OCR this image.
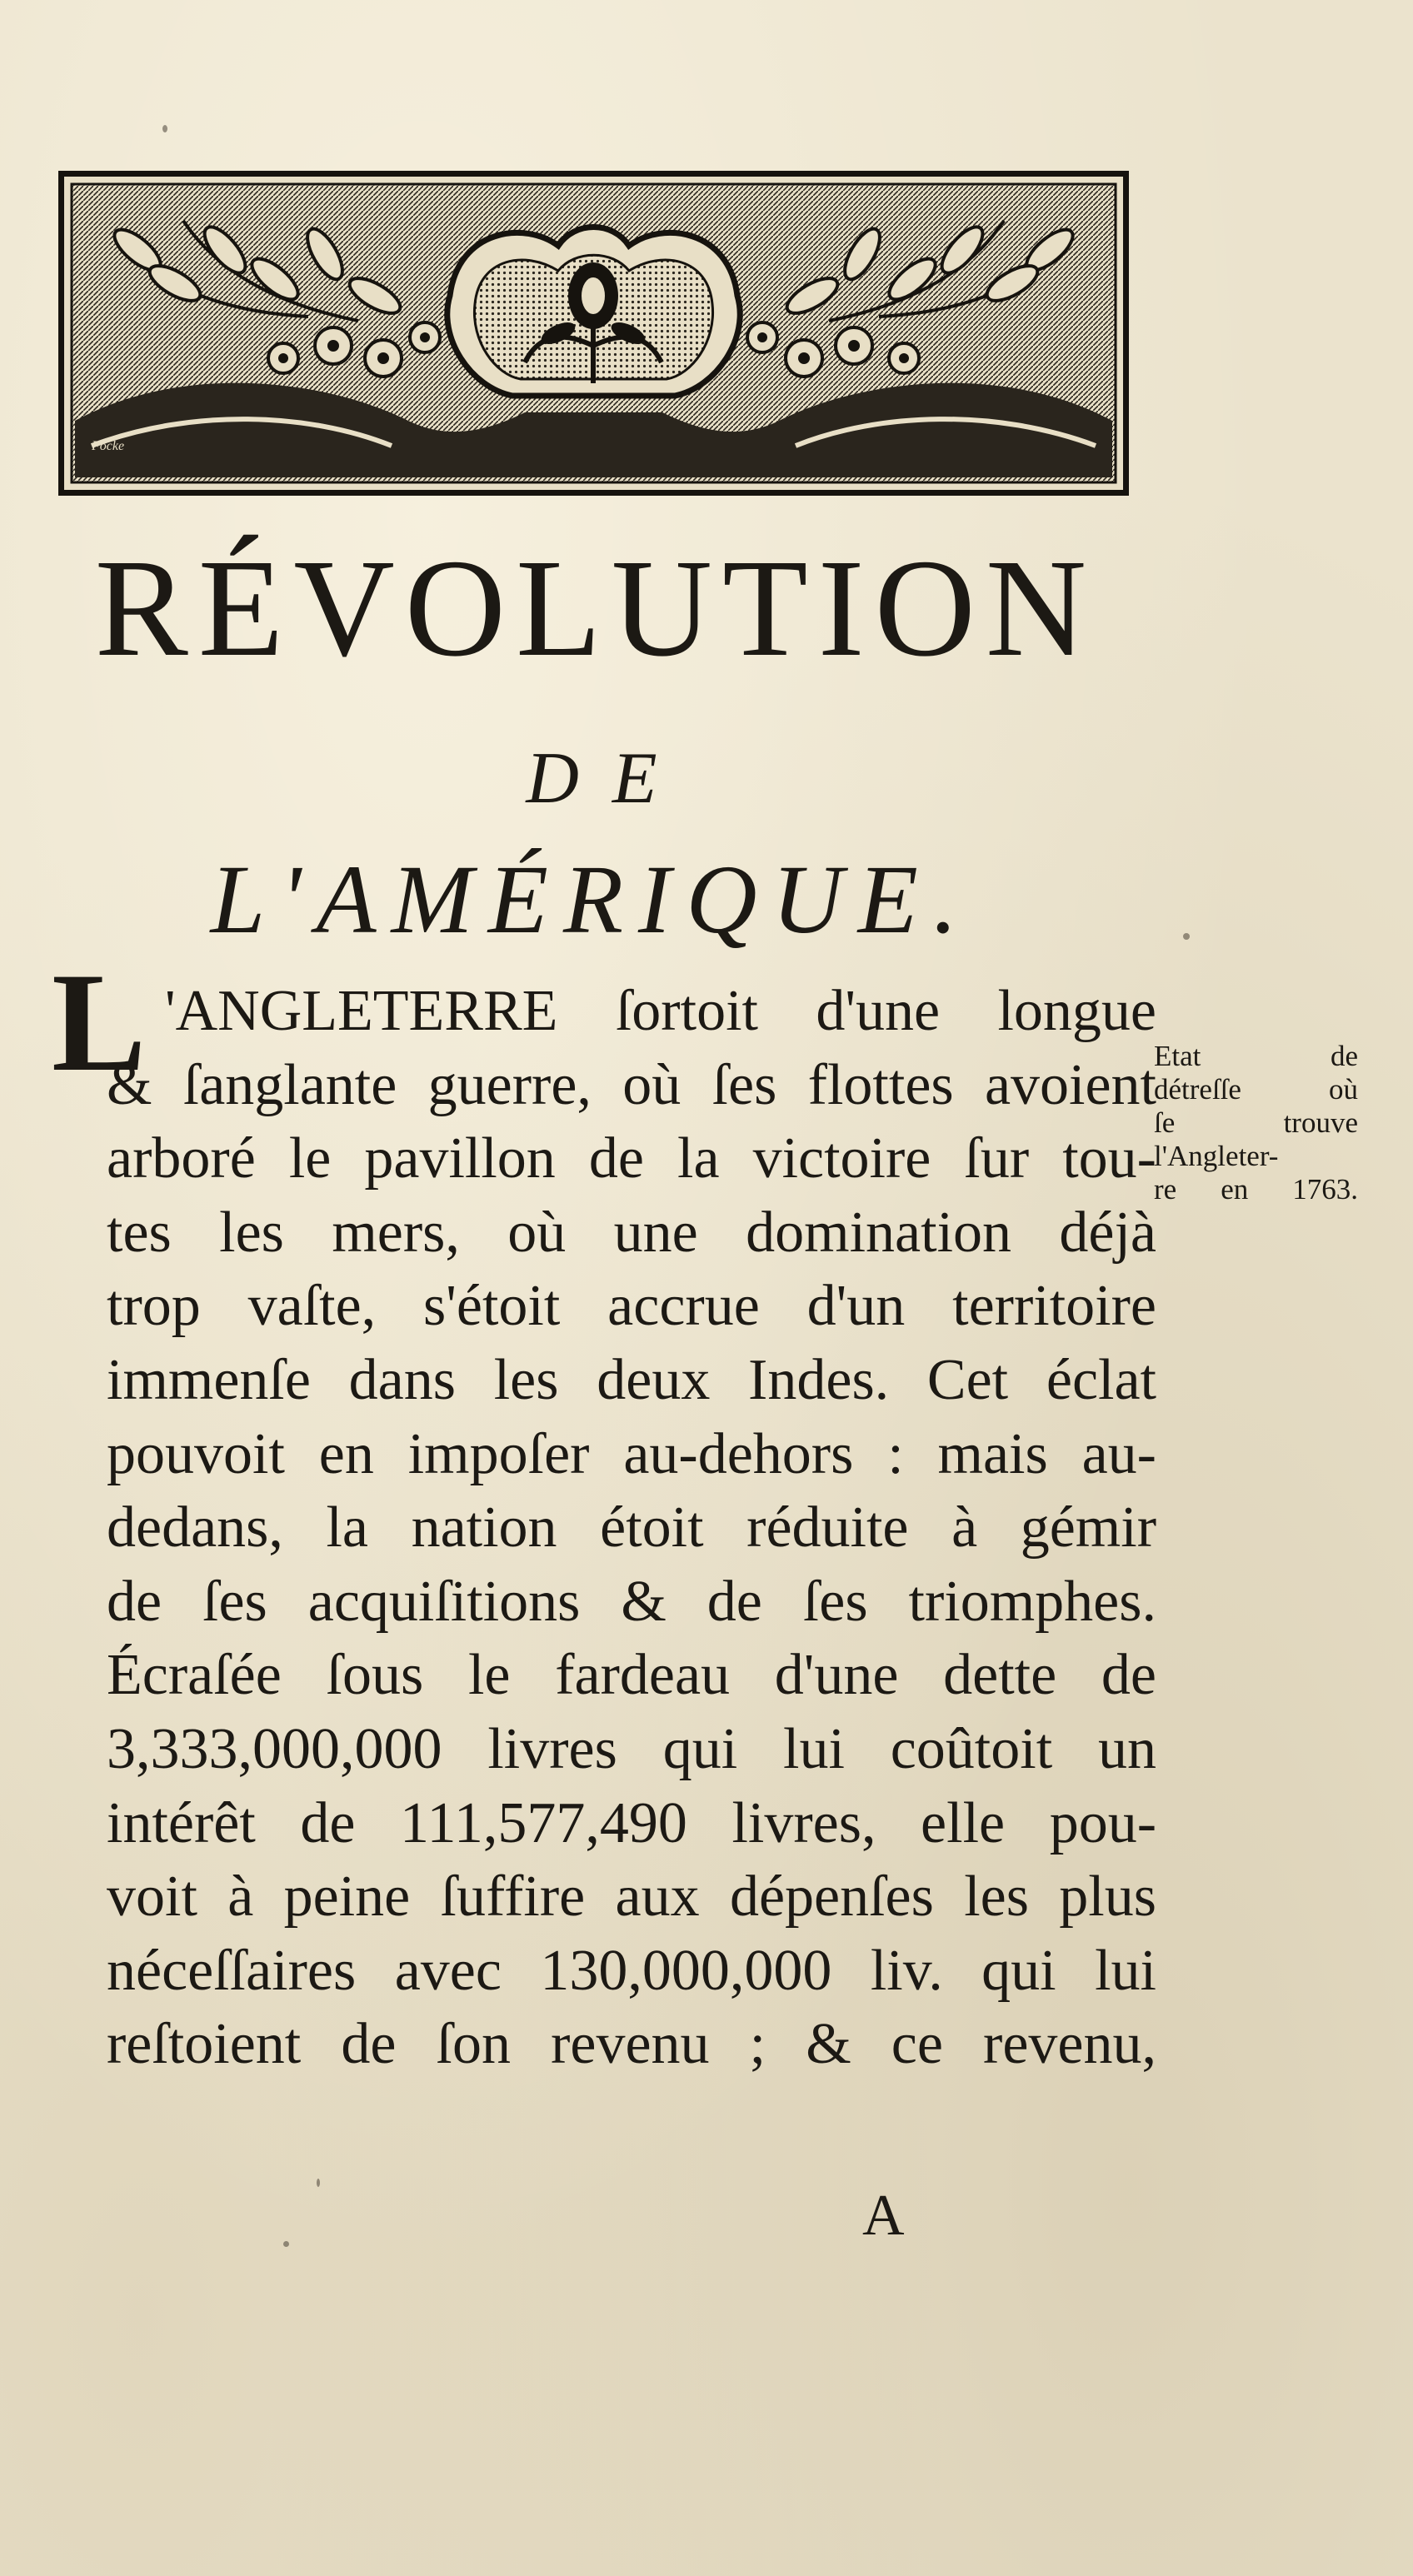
Focke
RÉVOLUTION
DE
L'AMÉRIQUE.
L 'ANGLETERRE ſortoit d'une longue
& ſanglante guerre, où ſes flottes avoient
arboré le pavillon de la victoire ſur tou-
tes les mers, où une domination déjà
trop vaſte, s'étoit accrue d'un territoire
immenſe dans les deux Indes. Cet éclat
pouvoit en impoſer au-dehors : mais au-
dedans, la nation étoit réduite à gémir
de ſes acquiſitions & de ſes triomphes.
Écraſée ſous le fardeau d'une dette de
3,333,000,000 livres qui lui coûtoit un
intérêt de 111,577,490 livres, elle pou-
voit à peine ſuffire aux dépenſes les plus
néceſſaires avec 130,000,000 liv. qui lui
reſtoient de ſon revenu ; & ce revenu,
Etat de
détreſſe où
ſe trouve
l'Angleter-
re en 1763.
A
